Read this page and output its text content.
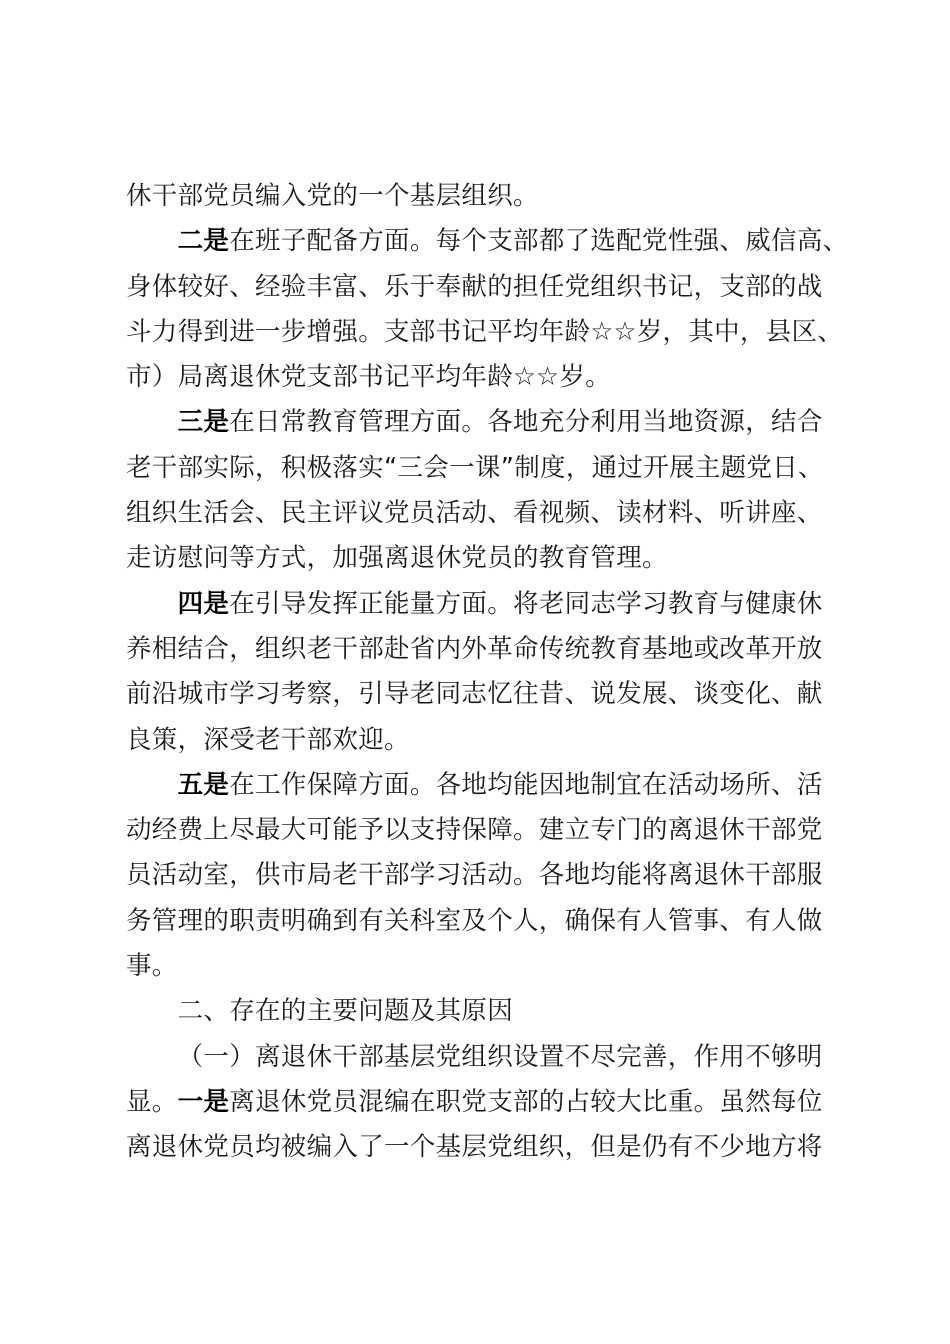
休干部党员编入党的一个基层组织。

  二是在班子配备方面。每个支部都了选配党性强、威信高、
身体较好、经验丰富、乐于奉献的担任党组织书记，支部的战
斗力得到进一步增强。支部书记平均年龄☆☆岁，其中，县区、
市）局离退休党支部书记平均年龄☆☆岁。

  三是在日常教育管理方面。各地充分利用当地资源，结合
老干部实际，积极落实“三会一课”制度，通过开展主题党日、
组织生活会、民主评议党员活动、看视频、读材料、听讲座、
走访慰问等方式，加强离退休党员的教育管理。

  四是在引导发挥正能量方面。将老同志学习教育与健康休
养相结合，组织老干部赴省内外革命传统教育基地或改革开放
前沿城市学习考察，引导老同志忆往昔、说发展、谈变化、献
良策，深受老干部欢迎。

  五是在工作保障方面。各地均能因地制宜在活动场所、活
动经费上尽最大可能予以支持保障。建立专门的离退休干部党
员活动室，供市局老干部学习活动。各地均能将离退休干部服
务管理的职责明确到有关科室及个人，确保有人管事、有人做
事。

  二、存在的主要问题及其原因

  （一）离退休干部基层党组织设置不尽完善，作用不够明
显。一是离退休党员混编在职党支部的占较大比重。虽然每位
离退休党员均被编入了一个基层党组织，但是仍有不少地方将
